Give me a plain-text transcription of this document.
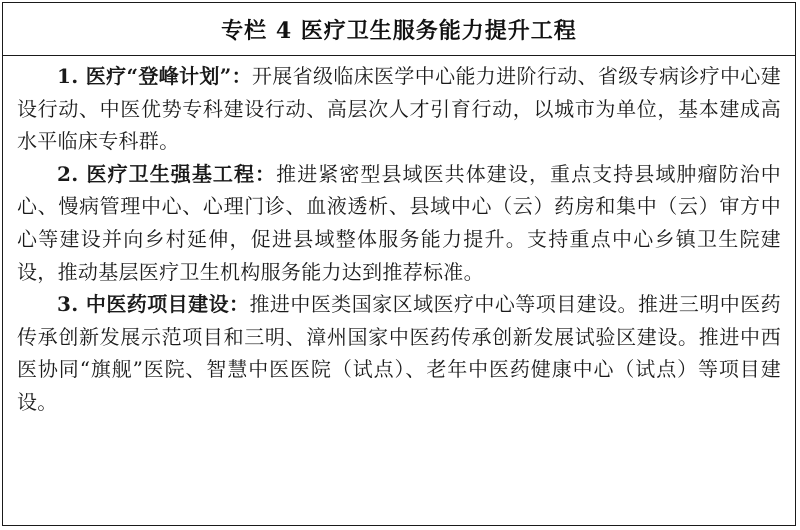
专栏 4 医疗卫生服务能力提升工程

1. 医疗“登峰计划”：开展省级临床医学中心能力进阶行动、省级专病诊疗中心建设行动、中医优势专科建设行动、高层次人才引育行动，以城市为单位，基本建成高水平临床专科群。

2. 医疗卫生强基工程：推进紧密型县域医共体建设，重点支持县域肿瘤防治中心、慢病管理中心、心理门诊、血液透析、县域中心（云）药房和集中（云）审方中心等建设并向乡村延伸，促进县域整体服务能力提升。支持重点中心乡镇卫生院建设，推动基层医疗卫生机构服务能力达到推荐标准。

3. 中医药项目建设：推进中医类国家区域医疗中心等项目建设。推进三明中医药传承创新发展示范项目和三明、漳州国家中医药传承创新发展试验区建设。推进中西医协同“旗舰”医院、智慧中医医院（试点）、老年中医药健康中心（试点）等项目建设。
